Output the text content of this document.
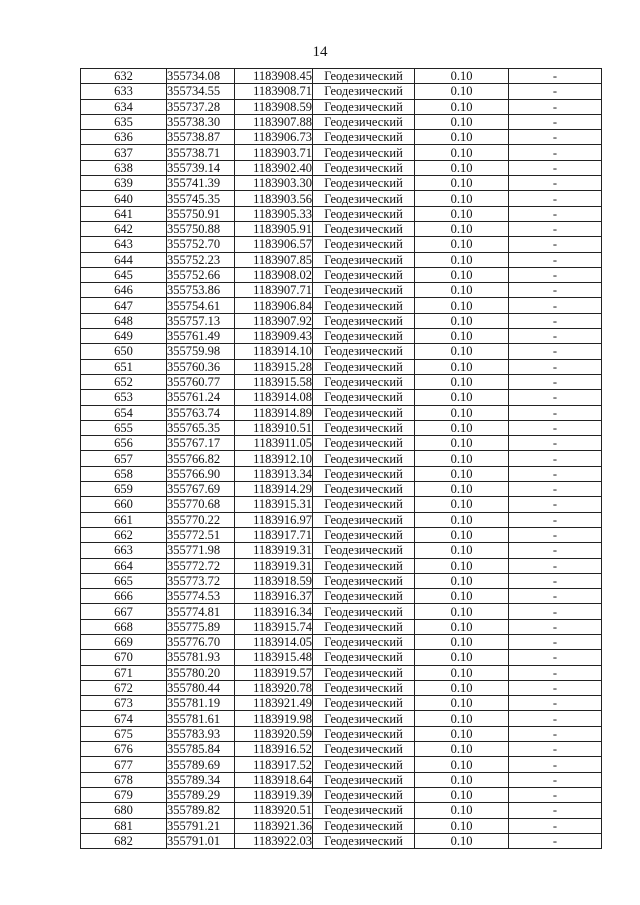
14
632	355734.08	1183908.45	Геодезический	0.10	-
633	355734.55	1183908.71	Геодезический	0.10	-
634	355737.28	1183908.59	Геодезический	0.10	-
635	355738.30	1183907.88	Геодезический	0.10	-
636	355738.87	1183906.73	Геодезический	0.10	-
637	355738.71	1183903.71	Геодезический	0.10	-
638	355739.14	1183902.40	Геодезический	0.10	-
639	355741.39	1183903.30	Геодезический	0.10	-
640	355745.35	1183903.56	Геодезический	0.10	-
641	355750.91	1183905.33	Геодезический	0.10	-
642	355750.88	1183905.91	Геодезический	0.10	-
643	355752.70	1183906.57	Геодезический	0.10	-
644	355752.23	1183907.85	Геодезический	0.10	-
645	355752.66	1183908.02	Геодезический	0.10	-
646	355753.86	1183907.71	Геодезический	0.10	-
647	355754.61	1183906.84	Геодезический	0.10	-
648	355757.13	1183907.92	Геодезический	0.10	-
649	355761.49	1183909.43	Геодезический	0.10	-
650	355759.98	1183914.10	Геодезический	0.10	-
651	355760.36	1183915.28	Геодезический	0.10	-
652	355760.77	1183915.58	Геодезический	0.10	-
653	355761.24	1183914.08	Геодезический	0.10	-
654	355763.74	1183914.89	Геодезический	0.10	-
655	355765.35	1183910.51	Геодезический	0.10	-
656	355767.17	1183911.05	Геодезический	0.10	-
657	355766.82	1183912.10	Геодезический	0.10	-
658	355766.90	1183913.34	Геодезический	0.10	-
659	355767.69	1183914.29	Геодезический	0.10	-
660	355770.68	1183915.31	Геодезический	0.10	-
661	355770.22	1183916.97	Геодезический	0.10	-
662	355772.51	1183917.71	Геодезический	0.10	-
663	355771.98	1183919.31	Геодезический	0.10	-
664	355772.72	1183919.31	Геодезический	0.10	-
665	355773.72	1183918.59	Геодезический	0.10	-
666	355774.53	1183916.37	Геодезический	0.10	-
667	355774.81	1183916.34	Геодезический	0.10	-
668	355775.89	1183915.74	Геодезический	0.10	-
669	355776.70	1183914.05	Геодезический	0.10	-
670	355781.93	1183915.48	Геодезический	0.10	-
671	355780.20	1183919.57	Геодезический	0.10	-
672	355780.44	1183920.78	Геодезический	0.10	-
673	355781.19	1183921.49	Геодезический	0.10	-
674	355781.61	1183919.98	Геодезический	0.10	-
675	355783.93	1183920.59	Геодезический	0.10	-
676	355785.84	1183916.52	Геодезический	0.10	-
677	355789.69	1183917.52	Геодезический	0.10	-
678	355789.34	1183918.64	Геодезический	0.10	-
679	355789.29	1183919.39	Геодезический	0.10	-
680	355789.82	1183920.51	Геодезический	0.10	-
681	355791.21	1183921.36	Геодезический	0.10	-
682	355791.01	1183922.03	Геодезический	0.10	-
